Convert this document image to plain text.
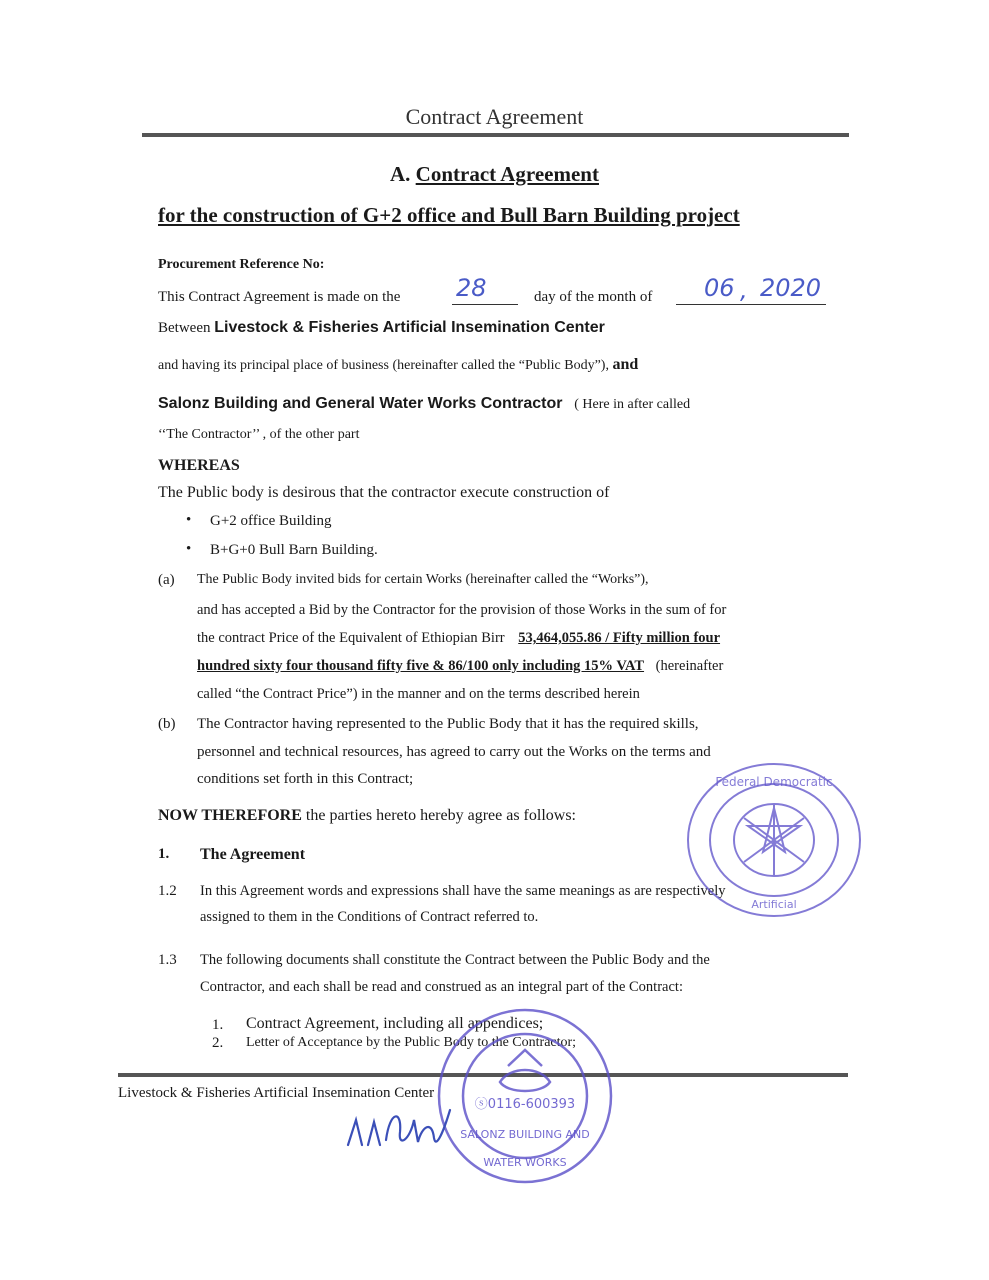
Contract Agreement
A. Contract Agreement
for the construction of G+2 office and Bull Barn Building project
Procurement Reference No:
This Contract Agreement is made on the 28	day of the month of 06 , 2020
Between Livestock & Fisheries Artificial Insemination Center
and having its principal place of business (hereinafter called the “Public Body”), and
Salonz Building and General Water Works Contractor ( Here in after called
‘‘The Contractor’’ , of the other part
WHEREAS
The Public body is desirous that the contractor execute construction of
• G+2 office Building
• B+G+0 Bull Barn Building.
(a) The Public Body invited bids for certain Works (hereinafter called the “Works”),
and has accepted a Bid by the Contractor for the provision of those Works in the sum of for
the contract Price of the Equivalent of Ethiopian Birr 53,464,055.86 / Fifty million four
hundred sixty four thousand fifty five & 86/100 only including 15% VAT (hereinafter
called “the Contract Price”) in the manner and on the terms described herein
(b) The Contractor having represented to the Public Body that it has the required skills,
personnel and technical resources, has agreed to carry out the Works on the terms and
conditions set forth in this Contract;
NOW THEREFORE the parties hereto hereby agree as follows:
1. The Agreement
1.2 In this Agreement words and expressions shall have the same meanings as are respectively
assigned to them in the Conditions of Contract referred to.
1.3 The following documents shall constitute the Contract between the Public Body and the
Contractor, and each shall be read and construed as an integral part of the Contract:
1. Contract Agreement, including all appendices;
2. Letter of Acceptance by the Public Body to the Contractor;
Livestock & Fisheries Artificial Insemination Center
Federal Democratic
Artificial
ⓢ0116-600393
SALONZ BUILDING AND
WATER WORKS
